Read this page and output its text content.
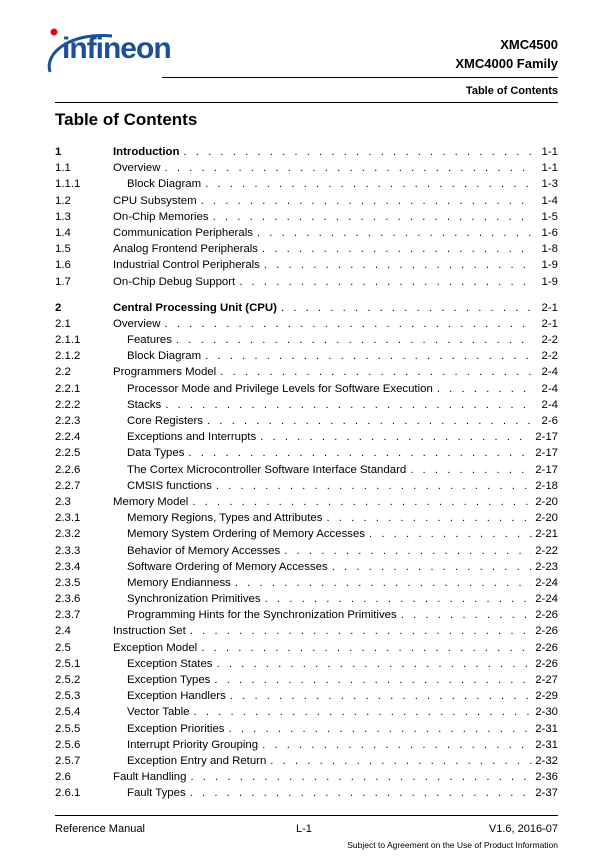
infineon	XMC4500
XMC4000 Family
Table of Contents
Table of Contents
1	Introduction . . .	1-1
1.1	Overview . . .	1-1
1.1.1	Block Diagram . . .	1-3
1.2	CPU Subsystem . . .	1-4
1.3	On-Chip Memories . . .	1-5
1.4	Communication Peripherals . . .	1-6
1.5	Analog Frontend Peripherals . . .	1-8
1.6	Industrial Control Peripherals . . .	1-9
1.7	On-Chip Debug Support . . .	1-9
2	Central Processing Unit (CPU) . . .	2-1
2.1	Overview . . .	2-1
2.1.1	Features . . .	2-2
2.1.2	Block Diagram . . .	2-2
2.2	Programmers Model . . .	2-4
2.2.1	Processor Mode and Privilege Levels for Software Execution . . .	2-4
2.2.2	Stacks . . .	2-4
2.2.3	Core Registers . . .	2-6
2.2.4	Exceptions and Interrupts . . .	2-17
2.2.5	Data Types . . .	2-17
2.2.6	The Cortex Microcontroller Software Interface Standard . . .	2-17
2.2.7	CMSIS functions . . .	2-18
2.3	Memory Model . . .	2-20
2.3.1	Memory Regions, Types and Attributes . . .	2-20
2.3.2	Memory System Ordering of Memory Accesses . . .	2-21
2.3.3	Behavior of Memory Accesses . . .	2-22
2.3.4	Software Ordering of Memory Accesses . . .	2-23
2.3.5	Memory Endianness . . .	2-24
2.3.6	Synchronization Primitives . . .	2-24
2.3.7	Programming Hints for the Synchronization Primitives . . .	2-26
2.4	Instruction Set . . .	2-26
2.5	Exception Model . . .	2-26
2.5.1	Exception States . . .	2-26
2.5.2	Exception Types . . .	2-27
2.5.3	Exception Handlers . . .	2-29
2.5.4	Vector Table . . .	2-30
2.5.5	Exception Priorities . . .	2-31
2.5.6	Interrupt Priority Grouping . . .	2-31
2.5.7	Exception Entry and Return . . .	2-32
2.6	Fault Handling . . .	2-36
2.6.1	Fault Types . . .	2-37
Reference Manual	L-1	V1.6, 2016-07
Subject to Agreement on the Use of Product Information
